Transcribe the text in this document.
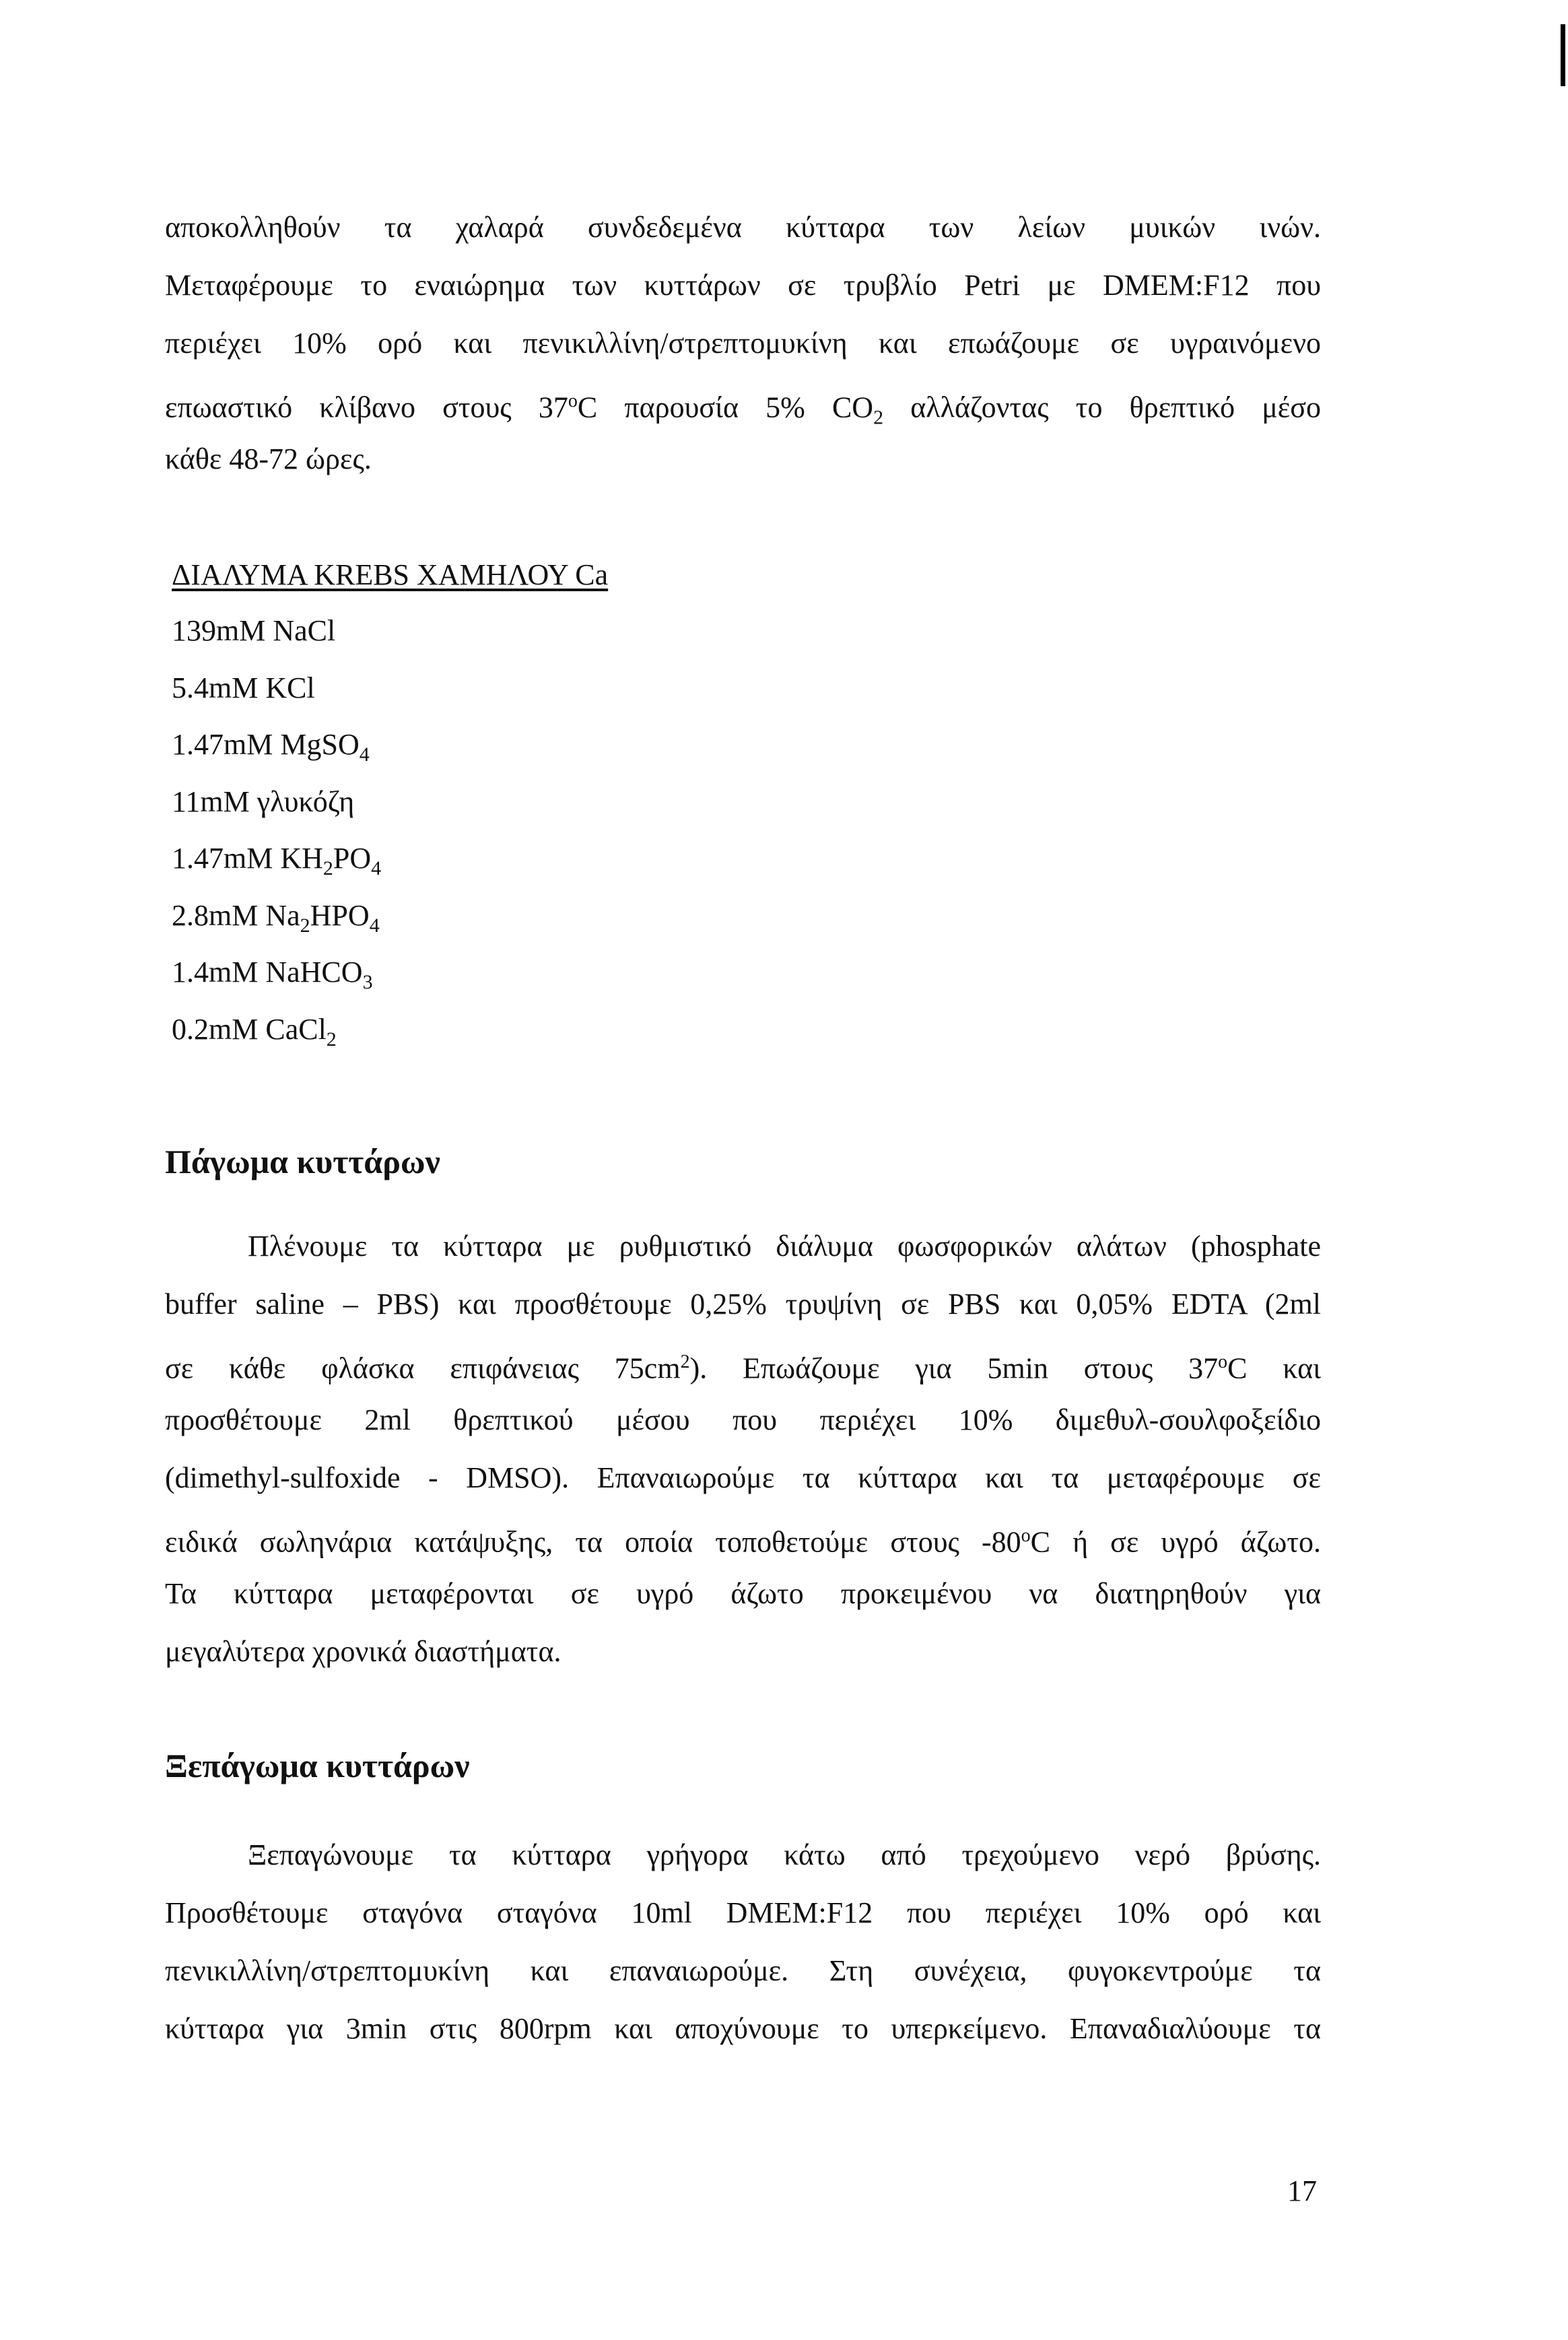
αποκολληθούν τα χαλαρά συνδεδεμένα κύτταρα των λείων μυικών ινών.
Μεταφέρουμε το εναιώρημα των κυττάρων σε τρυβλίο Petri με DMEM:F12 που
περιέχει 10% ορό και πενικιλλίνη/στρεπτομυκίνη και επωάζουμε σε υγραινόμενο
επωαστικό κλίβανο στους 37$^o$C παρουσία 5% $CO_2$ αλλάζοντας το θρεπτικό μέσο
κάθε 48-72 ώρες.

ΔΙΑΛΥΜΑ KREBS ΧΑΜΗΛΟΥ Ca

139mM NaCl
5.4mM KCl
1.47mM MgSO$_4$
11mM γλυκόζη
1.47mM $KH_2PO_4$
2.8mM $Na_2HPO_4$
1.4mM NaHCO$_3$
0.2mM CaCl$_2$
Πάγωμα κυττάρων
Πλένουμε τα κύτταρα με ρυθμιστικό διάλυμα φωσφορικών αλάτων (phosphate
buffer saline – PBS) και προσθέτουμε 0,25% τρυψίνη σε PBS και 0,05% EDTA (2ml
σε κάθε φλάσκα επιφάνειας $75cm^2$). Επωάζουμε για 5min στους 37$^o$C και
προσθέτουμε 2ml θρεπτικού μέσου που περιέχει 10% διμεθυλ-σουλφοξείδιο
(dimethyl-sulfoxide - DMSO). Επαναιωρούμε τα κύτταρα και τα μεταφέρουμε σε
ειδικά σωληνάρια κατάψυξης, τα οποία τοποθετούμε στους -80$^o$C ή σε υγρό άζωτο.
Τα κύτταρα μεταφέρονται σε υγρό άζωτο προκειμένου να διατηρηθούν για
μεγαλύτερα χρονικά διαστήματα.
Ξεπάγωμα κυττάρων
Ξεπαγώνουμε τα κύτταρα γρήγορα κάτω από τρεχούμενο νερό βρύσης.
Προσθέτουμε σταγόνα σταγόνα 10ml DMEM:F12 που περιέχει 10% ορό και
πενικιλλίνη/στρεπτομυκίνη και επαναιωρούμε. Στη συνέχεια, φυγοκεντρούμε τα
κύτταρα για 3min στις 800rpm και αποχύνουμε το υπερκείμενο. Επαναδιαλύουμε τα
17
